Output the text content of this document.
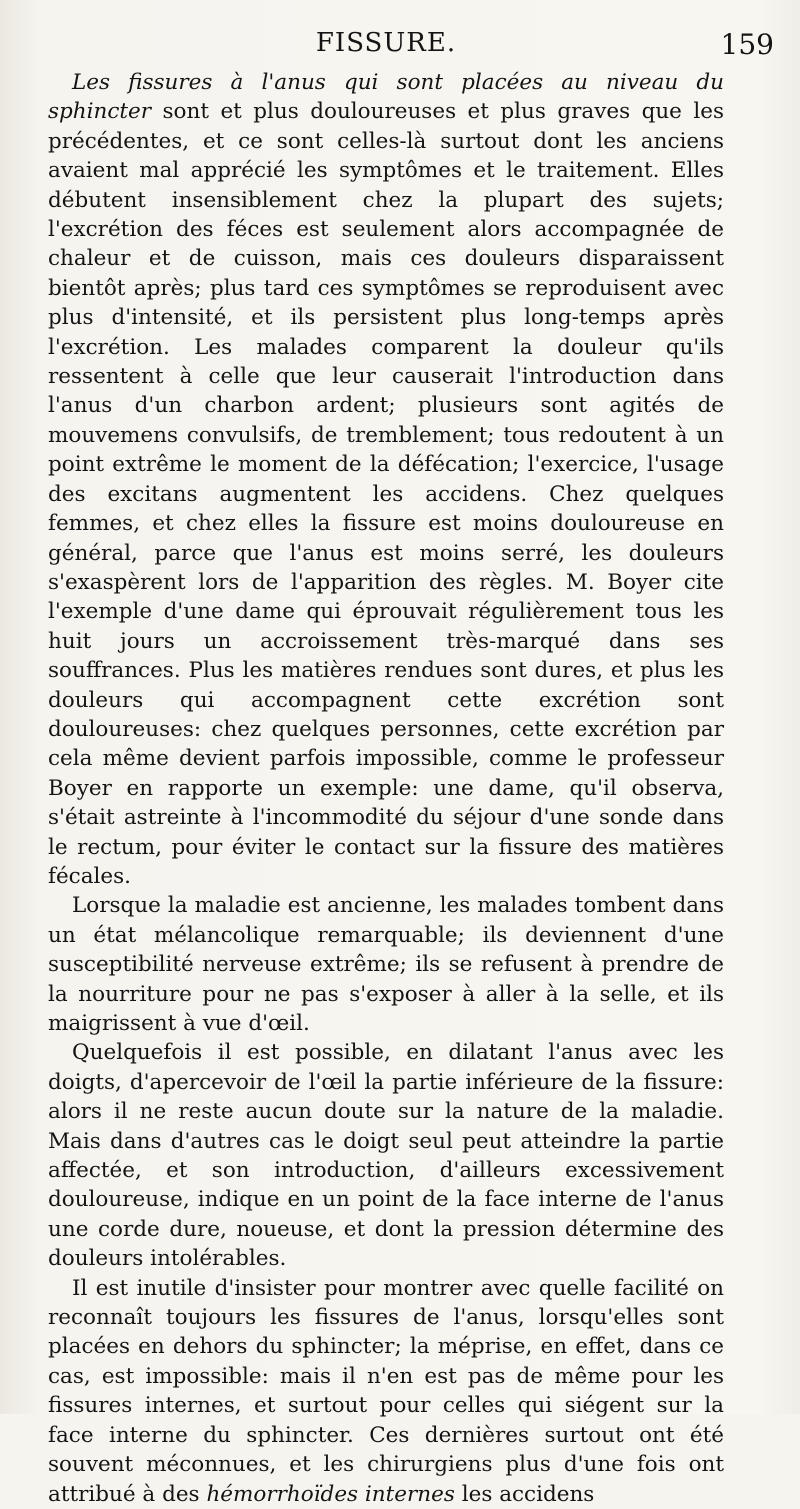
FISSURE.	159

Les fissures à l'anus qui sont placées au niveau du sphincter sont et plus douloureuses et plus graves que les précédentes, et ce sont celles-là surtout dont les anciens avaient mal apprécié les symptômes et le traitement. Elles débutent insensiblement chez la plupart des sujets; l'excrétion des féces est seulement alors accompagnée de chaleur et de cuisson, mais ces douleurs disparaissent bientôt après; plus tard ces symptômes se reproduisent avec plus d'intensité, et ils persistent plus long-temps après l'excrétion. Les malades comparent la douleur qu'ils ressentent à celle que leur causerait l'introduction dans l'anus d'un charbon ardent; plusieurs sont agités de mouvemens convulsifs, de tremblement; tous redoutent à un point extrême le moment de la défécation; l'exercice, l'usage des excitans augmentent les accidens. Chez quelques femmes, et chez elles la fissure est moins douloureuse en général, parce que l'anus est moins serré, les douleurs s'exaspèrent lors de l'apparition des règles. M. Boyer cite l'exemple d'une dame qui éprouvait régulièrement tous les huit jours un accroissement très-marqué dans ses souffrances. Plus les matières rendues sont dures, et plus les douleurs qui accompagnent cette excrétion sont douloureuses: chez quelques personnes, cette excrétion par cela même devient parfois impossible, comme le professeur Boyer en rapporte un exemple: une dame, qu'il observa, s'était astreinte à l'incommodité du séjour d'une sonde dans le rectum, pour éviter le contact sur la fissure des matières fécales.

Lorsque la maladie est ancienne, les malades tombent dans un état mélancolique remarquable; ils deviennent d'une susceptibilité nerveuse extrême; ils se refusent à prendre de la nourriture pour ne pas s'exposer à aller à la selle, et ils maigrissent à vue d'œil.

Quelquefois il est possible, en dilatant l'anus avec les doigts, d'apercevoir de l'œil la partie inférieure de la fissure: alors il ne reste aucun doute sur la nature de la maladie. Mais dans d'autres cas le doigt seul peut atteindre la partie affectée, et son introduction, d'ailleurs excessivement douloureuse, indique en un point de la face interne de l'anus une corde dure, noueuse, et dont la pression détermine des douleurs intolérables.

Il est inutile d'insister pour montrer avec quelle facilité on reconnaît toujours les fissures de l'anus, lorsqu'elles sont placées en dehors du sphincter; la méprise, en effet, dans ce cas, est impossible: mais il n'en est pas de même pour les fissures internes, et surtout pour celles qui siégent sur la face interne du sphincter. Ces dernières surtout ont été souvent méconnues, et les chirurgiens plus d'une fois ont attribué à des hémorrhoïdes internes les accidens
